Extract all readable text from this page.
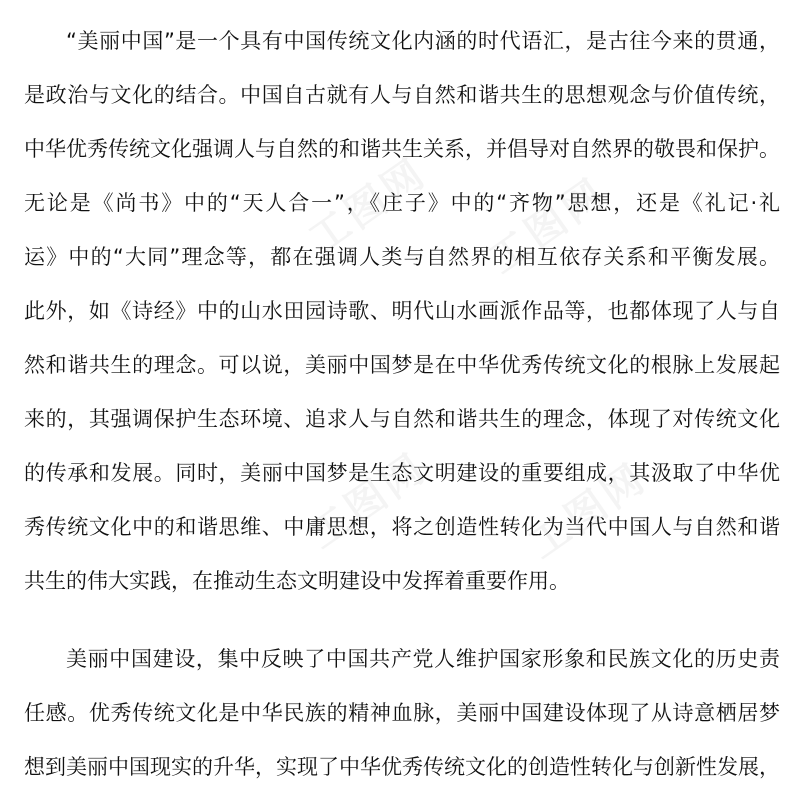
工图网 工图网
工图网 工图网
“美丽中国”是一个具有中国传统文化内涵的时代语汇，是古往今来的贯通，
是政治与文化的结合。中国自古就有人与自然和谐共生的思想观念与价值传统，
中华优秀传统文化强调人与自然的和谐共生关系，并倡导对自然界的敬畏和保护。
无论是《尚书》中的“天人合一”，《庄子》中的“齐物”思想，还是《礼记·礼
运》中的“大同”理念等，都在强调人类与自然界的相互依存关系和平衡发展。
此外，如《诗经》中的山水田园诗歌、明代山水画派作品等，也都体现了人与自
然和谐共生的理念。可以说，美丽中国梦是在中华优秀传统文化的根脉上发展起
来的，其强调保护生态环境、追求人与自然和谐共生的理念，体现了对传统文化
的传承和发展。同时，美丽中国梦是生态文明建设的重要组成，其汲取了中华优
秀传统文化中的和谐思维、中庸思想，将之创造性转化为当代中国人与自然和谐
共生的伟大实践，在推动生态文明建设中发挥着重要作用。
美丽中国建设，集中反映了中国共产党人维护国家形象和民族文化的历史责
任感。优秀传统文化是中华民族的精神血脉，美丽中国建设体现了从诗意栖居梦
想到美丽中国现实的升华，实现了中华优秀传统文化的创造性转化与创新性发展，
